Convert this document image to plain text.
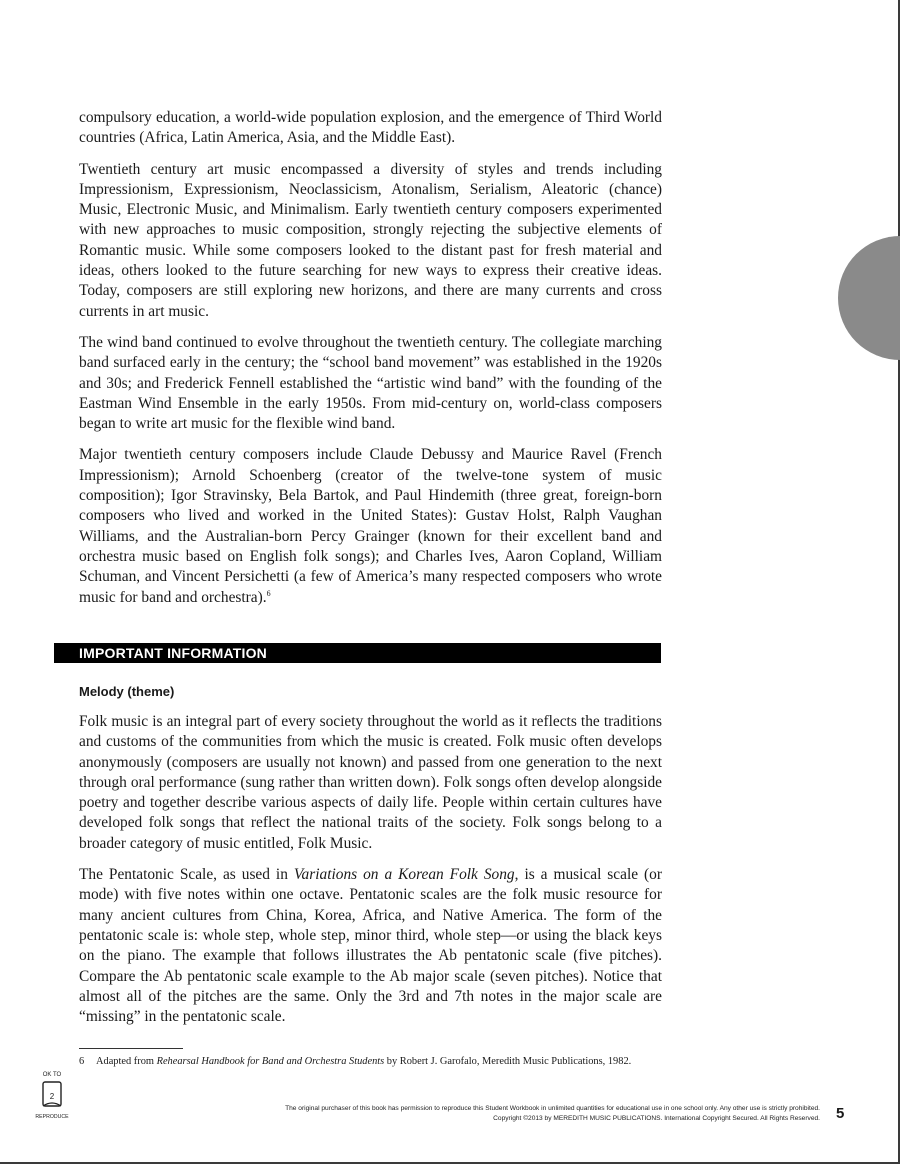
compulsory education, a world-wide population explosion, and the emergence of Third World countries (Africa, Latin America, Asia, and the Middle East).

Twentieth century art music encompassed a diversity of styles and trends including Impressionism, Expressionism, Neoclassicism, Atonalism, Serialism, Aleatoric (chance) Music, Electronic Music, and Minimalism. Early twentieth century composers experimented with new approaches to music composition, strongly rejecting the subjective elements of Romantic music. While some composers looked to the distant past for fresh material and ideas, others looked to the future searching for new ways to express their creative ideas. Today, composers are still exploring new horizons, and there are many currents and cross currents in art music.

The wind band continued to evolve throughout the twentieth century. The collegiate marching band surfaced early in the century; the “school band movement” was established in the 1920s and 30s; and Frederick Fennell established the “artistic wind band” with the founding of the Eastman Wind Ensemble in the early 1950s. From mid-century on, world-class composers began to write art music for the flexible wind band.

Major twentieth century composers include Claude Debussy and Maurice Ravel (French Impressionism); Arnold Schoenberg (creator of the twelve-tone system of music composition); Igor Stravinsky, Bela Bartok, and Paul Hindemith (three great, foreign-born composers who lived and worked in the United States): Gustav Holst, Ralph Vaughan Williams, and the Australian-born Percy Grainger (known for their excellent band and orchestra music based on English folk songs); and Charles Ives, Aaron Copland, William Schuman, and Vincent Persichetti (a few of America’s many respected composers who wrote music for band and orchestra).$^6$

IMPORTANT INFORMATION
Melody (theme)

Folk music is an integral part of every society throughout the world as it reflects the traditions and customs of the communities from which the music is created. Folk music often develops anonymously (composers are usually not known) and passed from one generation to the next through oral performance (sung rather than written down). Folk songs often develop alongside poetry and together describe various aspects of daily life. People within certain cultures have developed folk songs that reflect the national traits of the society. Folk songs belong to a broader category of music entitled, Folk Music.

The Pentatonic Scale, as used in Variations on a Korean Folk Song, is a musical scale (or mode) with five notes within one octave. Pentatonic scales are the folk music resource for many ancient cultures from China, Korea, Africa, and Native America. The form of the pentatonic scale is: whole step, whole step, minor third, whole step—or using the black keys on the piano. The example that follows illustrates the Ab pentatonic scale (five pitches). Compare the Ab pentatonic scale example to the Ab major scale (seven pitches). Notice that almost all of the pitches are the same. Only the 3rd and 7th notes in the major scale are “missing” in the pentatonic scale.

6 Adapted from Rehearsal Handbook for Band and Orchestra Students by Robert J. Garofalo, Meredith Music Publications, 1982.
OK TO
2
REPRODUCE
The original purchaser of this book has permission to reproduce this Student Workbook in unlimited quantities for educational use in one school only. Any other use is strictly prohibited.
Copyright ©2013 by MEREDITH MUSIC PUBLICATIONS. International Copyright Secured. All Rights Reserved. 5
